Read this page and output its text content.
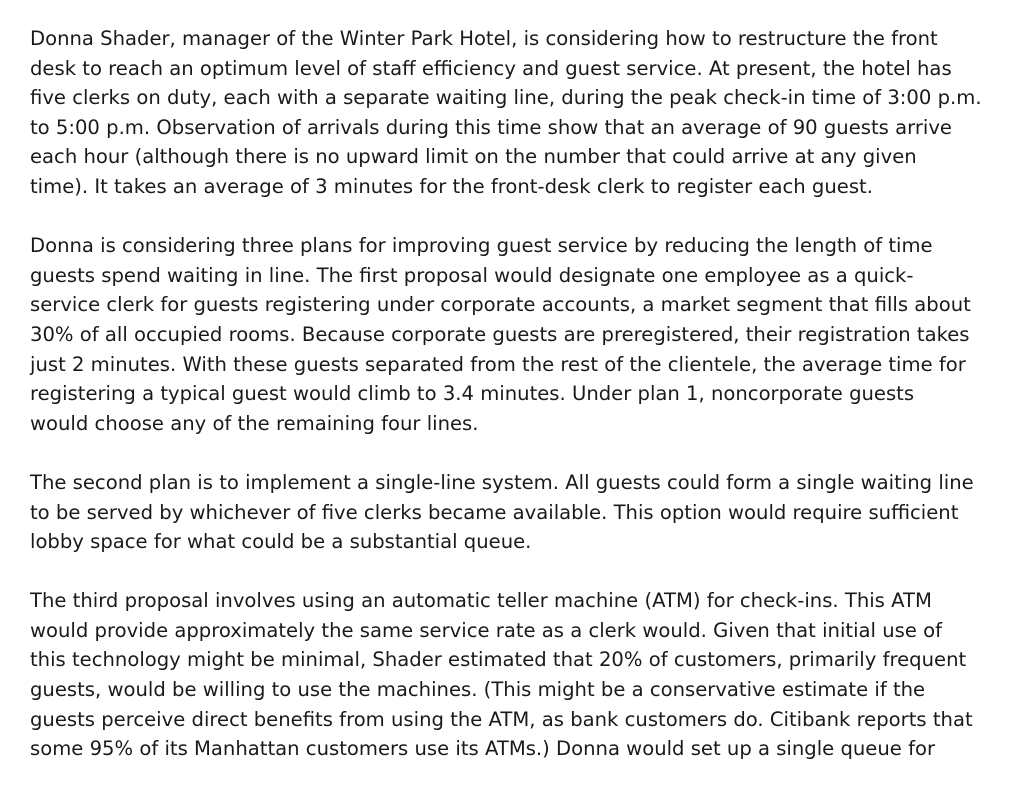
Donna Shader, manager of the Winter Park Hotel, is considering how to restructure the front
desk to reach an optimum level of staff efficiency and guest service. At present, the hotel has
five clerks on duty, each with a separate waiting line, during the peak check-in time of 3:00 p.m.
to 5:00 p.m. Observation of arrivals during this time show that an average of 90 guests arrive
each hour (although there is no upward limit on the number that could arrive at any given
time). It takes an average of 3 minutes for the front-desk clerk to register each guest.

Donna is considering three plans for improving guest service by reducing the length of time
guests spend waiting in line. The first proposal would designate one employee as a quick-
service clerk for guests registering under corporate accounts, a market segment that fills about
30% of all occupied rooms. Because corporate guests are preregistered, their registration takes
just 2 minutes. With these guests separated from the rest of the clientele, the average time for
registering a typical guest would climb to 3.4 minutes. Under plan 1, noncorporate guests
would choose any of the remaining four lines.

The second plan is to implement a single-line system. All guests could form a single waiting line
to be served by whichever of five clerks became available. This option would require sufficient
lobby space for what could be a substantial queue.

The third proposal involves using an automatic teller machine (ATM) for check-ins. This ATM
would provide approximately the same service rate as a clerk would. Given that initial use of
this technology might be minimal, Shader estimated that 20% of customers, primarily frequent
guests, would be willing to use the machines. (This might be a conservative estimate if the
guests perceive direct benefits from using the ATM, as bank customers do. Citibank reports that
some 95% of its Manhattan customers use its ATMs.) Donna would set up a single queue for
